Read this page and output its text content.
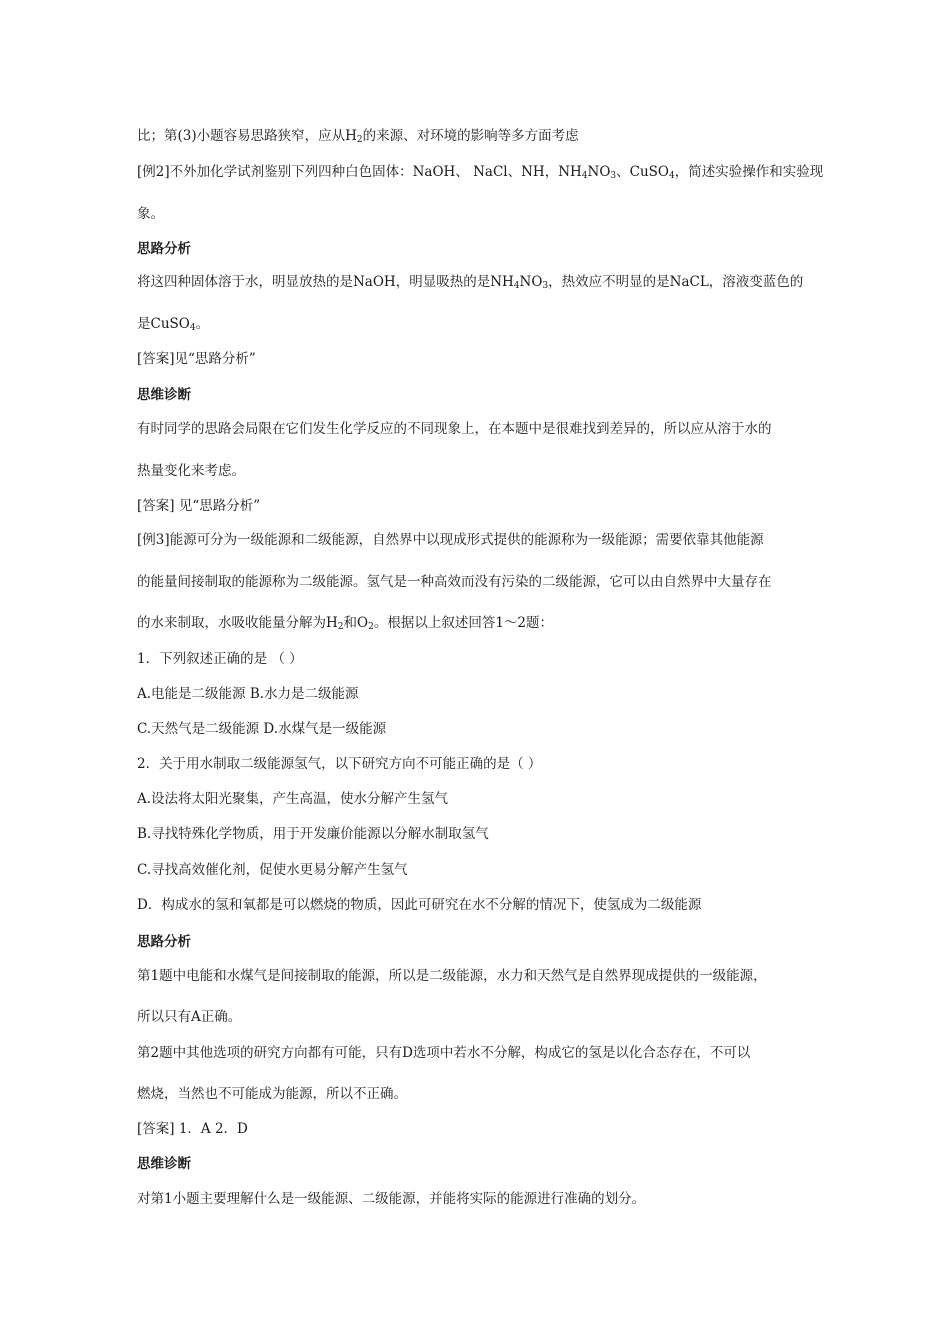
比；第(3)小题容易思路狭窄，应从$H_2$的来源、对环境的影响等多方面考虑
[例2]不外加化学试剂鉴别下列四种白色固体：NaOH、 NaCl、NH，$NH_4NO_3$、CuSO$_4$，简述实验操作和实验现
象。
思路分析
将这四种固体溶于水，明显放热的是NaOH，明显吸热的是$NH_4NO_3$，热效应不明显的是NaCL，溶液变蓝色的
是CuSO$_4$。
[答案]见“思路分析”
思维诊断
有时同学的思路会局限在它们发生化学反应的不同现象上，在本题中是很难找到差异的，所以应从溶于水的
热量变化来考虑。
[答案] 见“思路分析”
[例3]能源可分为一级能源和二级能源，自然界中以现成形式提供的能源称为一级能源；需要依靠其他能源
的能量间接制取的能源称为二级能源。氢气是一种高效而没有污染的二级能源，它可以由自然界中大量存在
的水来制取，水吸收能量分解为$H_2$和$O_2$。根据以上叙述回答1～2题：
1．下列叙述正确的是 （ ）
A.电能是二级能源 B.水力是二级能源
C.天然气是二级能源 D.水煤气是一级能源
2．关于用水制取二级能源氢气，以下研究方向不可能正确的是（ ）
A.设法将太阳光聚集，产生高温，使水分解产生氢气
B.寻找特殊化学物质，用于开发廉价能源以分解水制取氢气
C.寻找高效催化剂，促使水更易分解产生氢气
D．构成水的氢和氧都是可以燃烧的物质，因此可研究在水不分解的情况下，使氢成为二级能源
思路分析
第1题中电能和水煤气是间接制取的能源，所以是二级能源，水力和天然气是自然界现成提供的一级能源，
所以只有A正确。
第2题中其他选项的研究方向都有可能，只有D选项中若水不分解，构成它的氢是以化合态存在，不可以
燃烧，当然也不可能成为能源，所以不正确。
[答案] 1．A 2．D
思维诊断
对第1小题主要理解什么是一级能源、二级能源，并能将实际的能源进行准确的划分。
